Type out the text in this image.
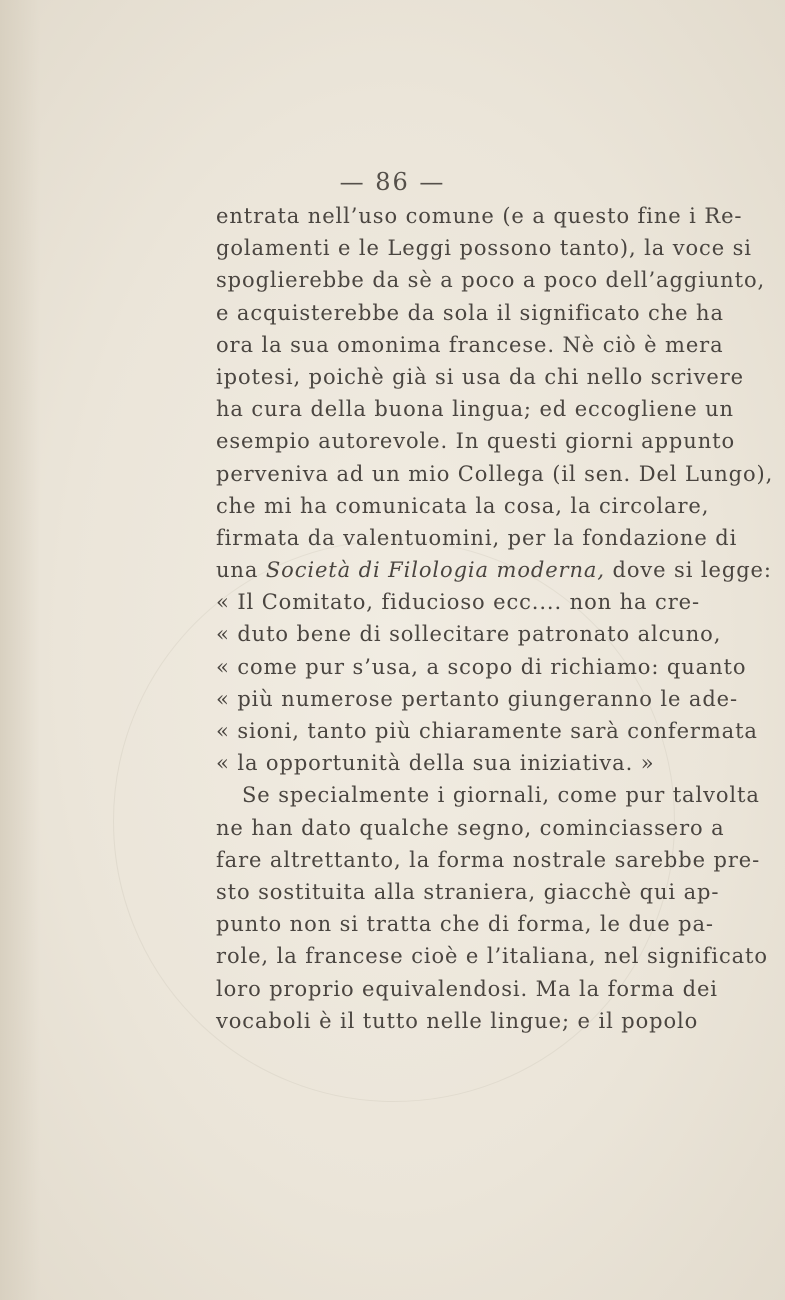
— 86 —
entrata nell’uso comune (e a questo fine i Re-
golamenti e le Leggi possono tanto), la voce si
spoglierebbe da sè a poco a poco dell’aggiunto,
e acquisterebbe da sola il significato che ha
ora la sua omonima francese. Nè ciò è mera
ipotesi, poichè già si usa da chi nello scrivere
ha cura della buona lingua; ed eccogliene un
esempio autorevole. In questi giorni appunto
perveniva ad un mio Collega (il sen. Del Lungo),
che mi ha comunicata la cosa, la circolare,
firmata da valentuomini, per la fondazione di
una Società di Filologia moderna, dove si legge:
« Il Comitato, fiducioso ecc.... non ha cre-
« duto bene di sollecitare patronato alcuno,
« come pur s’usa, a scopo di richiamo: quanto
« più numerose pertanto giungeranno le ade-
« sioni, tanto più chiaramente sarà confermata
« la opportunità della sua iniziativa. »
Se specialmente i giornali, come pur talvolta
ne han dato qualche segno, cominciassero a
fare altrettanto, la forma nostrale sarebbe pre-
sto sostituita alla straniera, giacchè qui ap-
punto non si tratta che di forma, le due pa-
role, la francese cioè e l’italiana, nel significato
loro proprio equivalendosi. Ma la forma dei
vocaboli è il tutto nelle lingue; e il popolo
